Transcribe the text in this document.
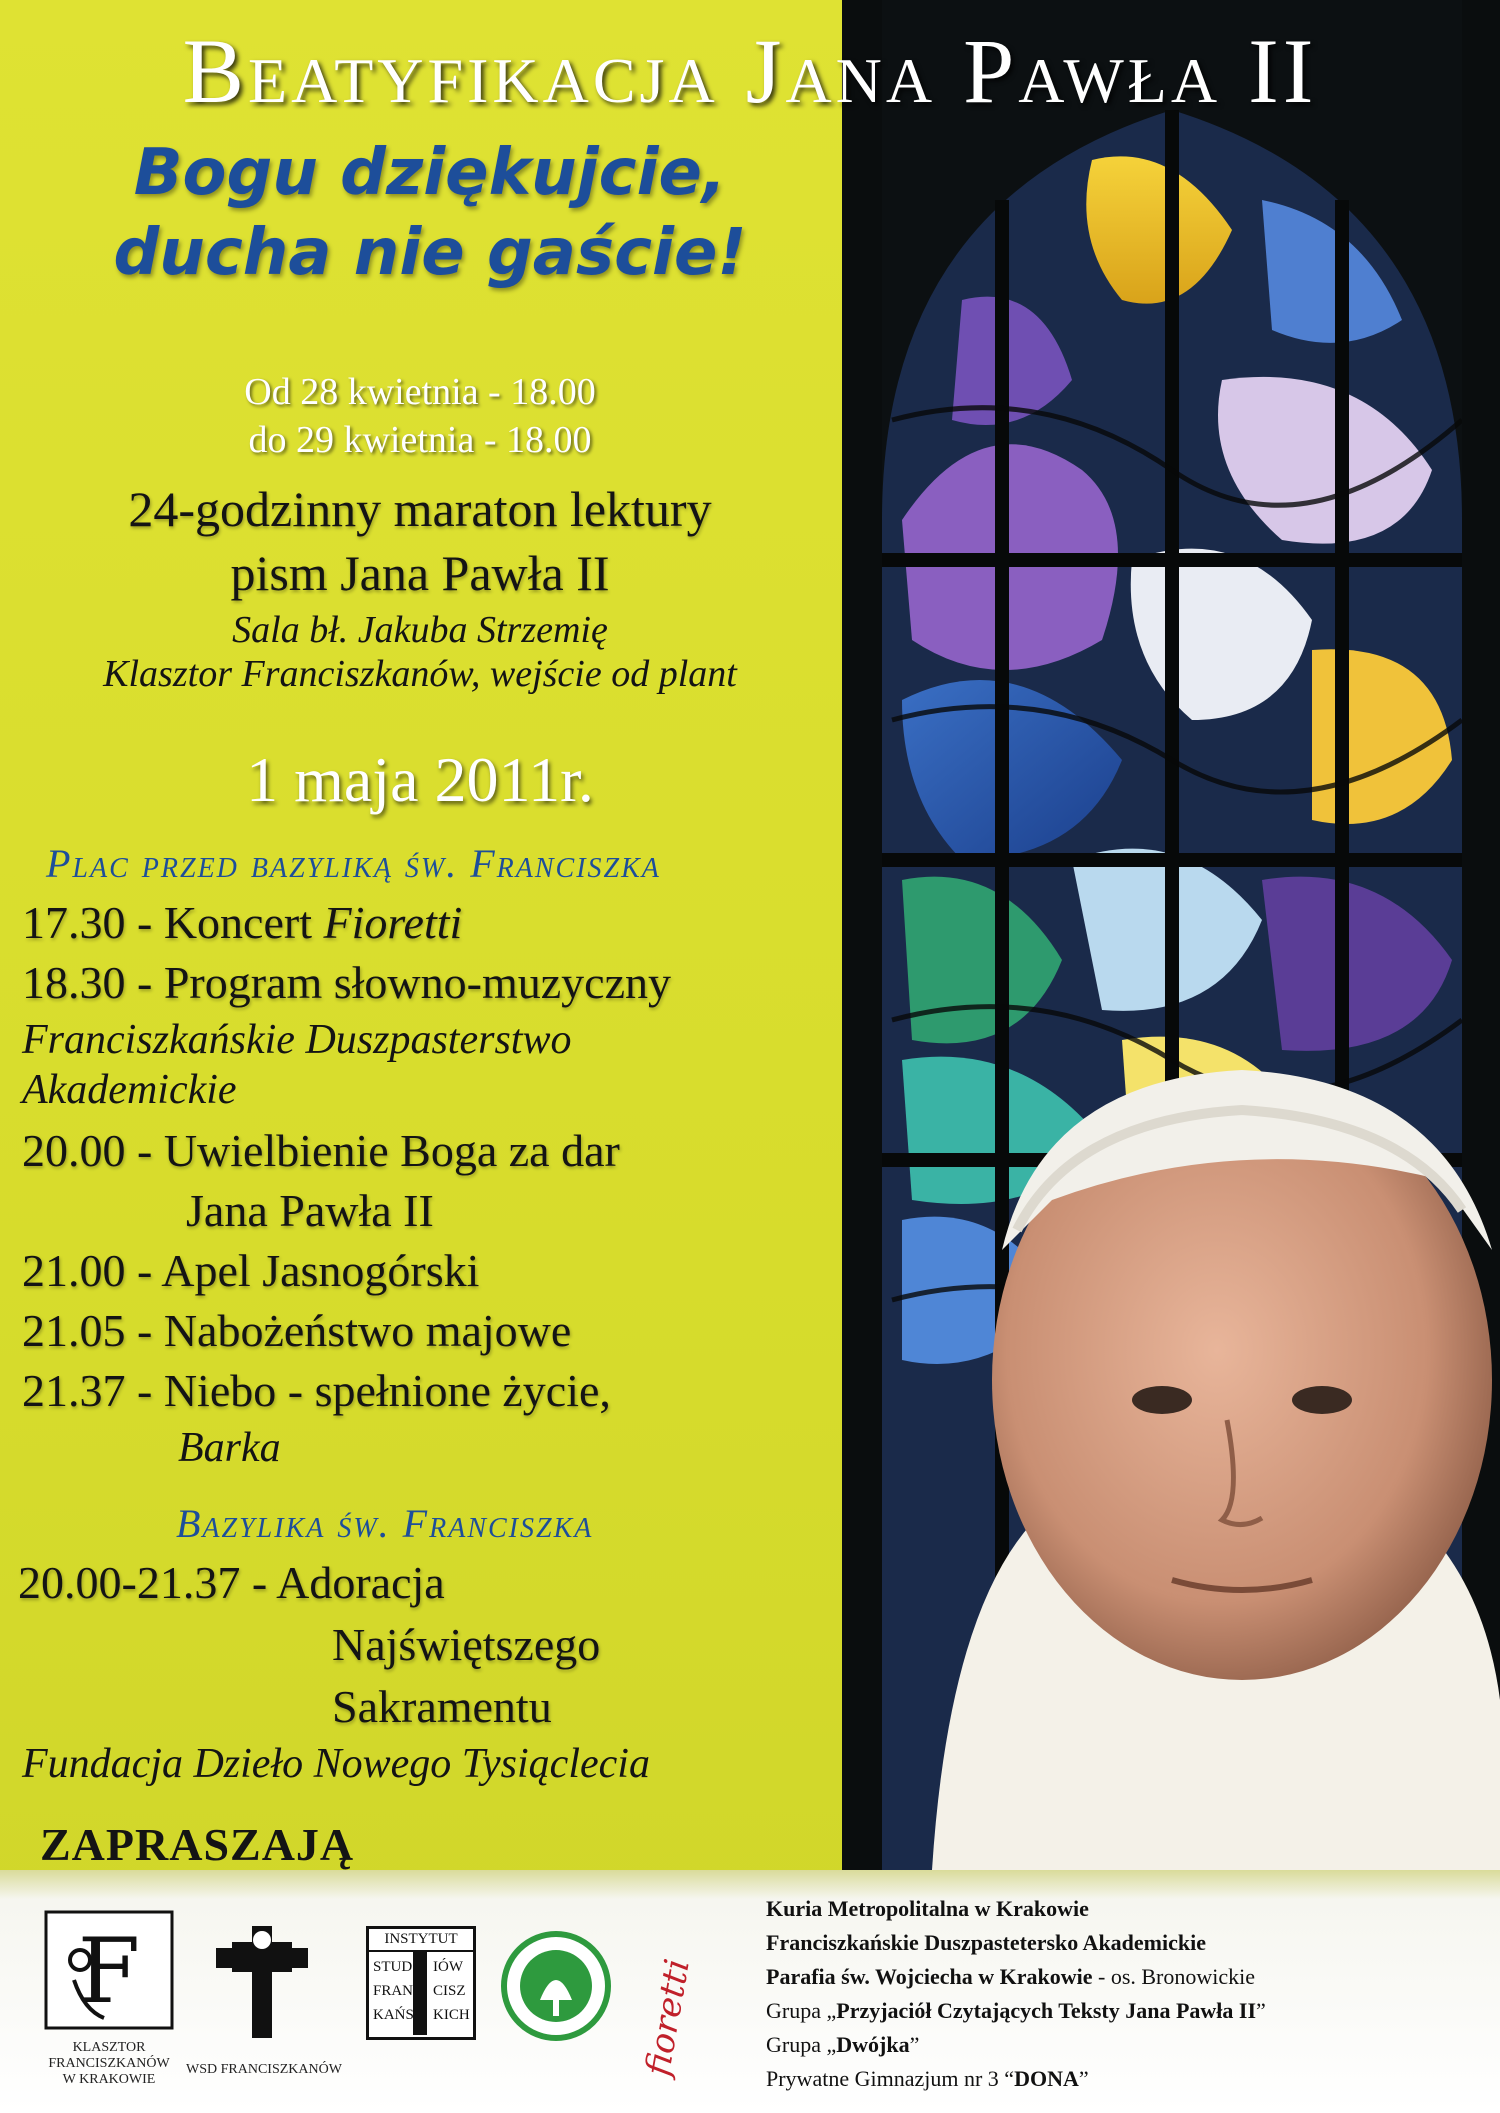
Beatyfikacja Jana Pawła II
Bogu dziękujcie,
ducha nie gaście!
Od 28 kwietnia - 18.00
do 29 kwietnia - 18.00
24-godzinny maraton lektury
pism Jana Pawła II
Sala bł. Jakuba Strzemię
Klasztor Franciszkanów, wejście od plant
1 maja 2011r.
Plac przed bazyliką św. Franciszka
17.30 - Koncert Fioretti
18.30 - Program słowno-muzyczny
Franciszkańskie Duszpasterstwo
Akademickie
20.00 - Uwielbienie Boga za dar
Jana Pawła II
21.00 - Apel Jasnogórski
21.05 - Nabożeństwo majowe
21.37 - Niebo - spełnione życie,
Barka
Bazylika św. Franciszka
20.00-21.37 - Adoracja
Najświętszego
Sakramentu
Fundacja Dzieło Nowego Tysiąclecia
ZAPRASZAJĄ
F
KLASZTOR
FRANCISZKANÓW
W KRAKOWIE
WSD FRANCISZKANÓW
INSTYTUT
STUD IÓW
FRAN CISZ
KAŃS KICH	fioretti
Kuria Metropolitalna w Krakowie
Franciszkańskie Duszpastetersko Akademickie
Parafia św. Wojciecha w Krakowie - os. Bronowickie
Grupa „Przyjaciół Czytających Teksty Jana Pawła II”
Grupa „Dwójka”
Prywatne Gimnazjum nr 3 “DONA”
